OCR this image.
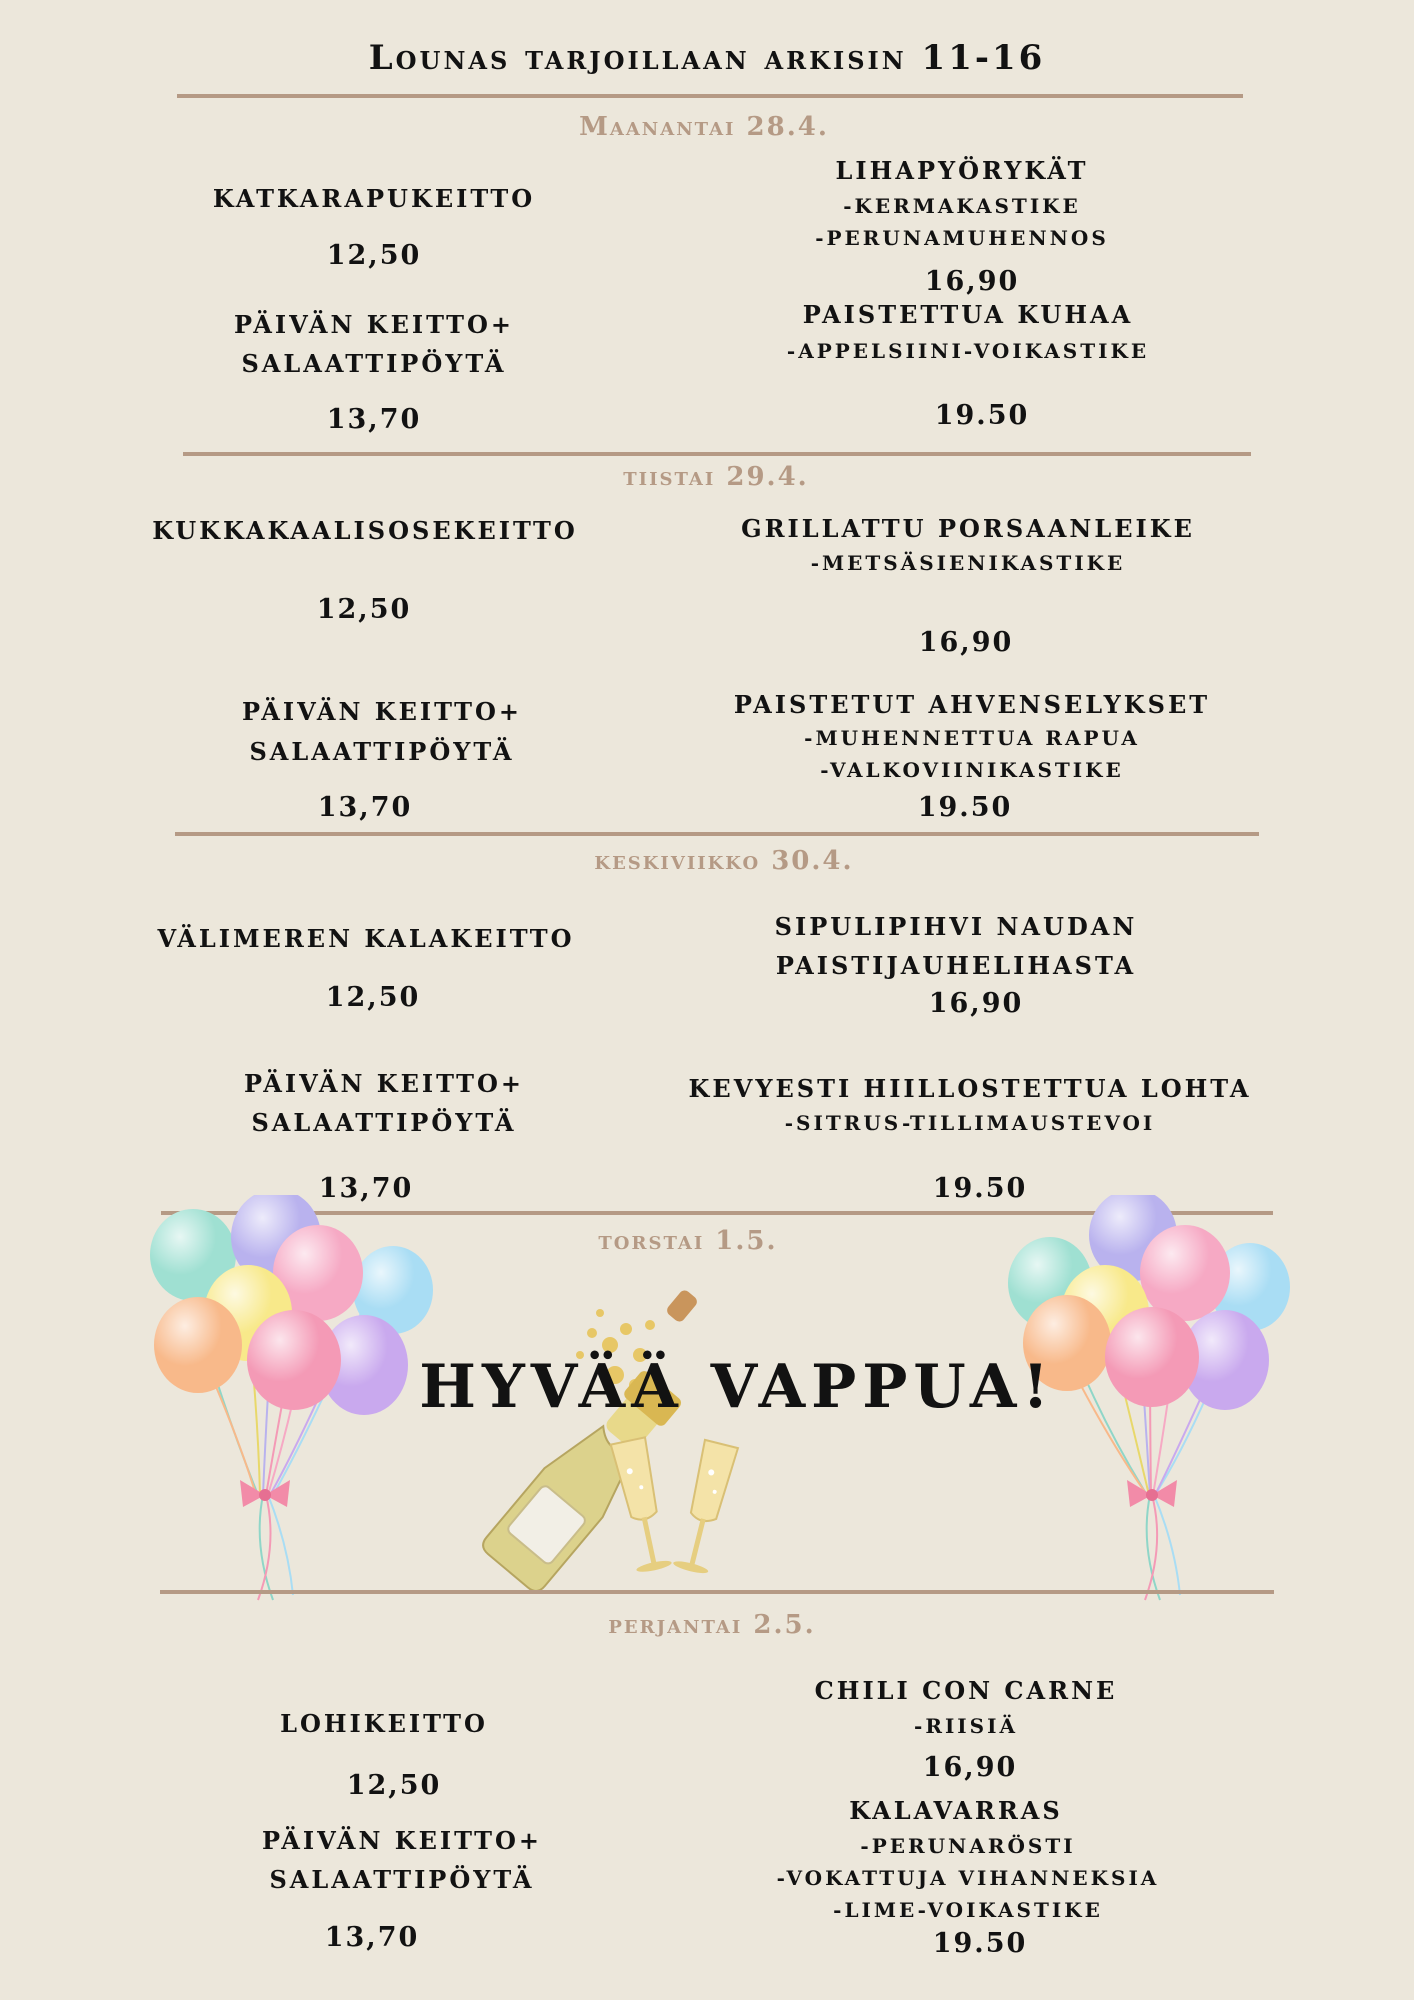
Lounas tarjoillaan arkisin 11-16
Maanantai 28.4.
KATKARAPUKEITTO
12,50
PÄIVÄN KEITTO+
SALAATTIPÖYTÄ
13,70
LIHAPYÖRYKÄT
-KERMAKASTIKE
-PERUNAMUHENNOS
16,90
PAISTETTUA KUHAA
-APPELSIINI-VOIKASTIKE
19.50
tiistai 29.4.
KUKKAKAALISOSEKEITTO
12,50
PÄIVÄN KEITTO+
SALAATTIPÖYTÄ
13,70
GRILLATTU PORSAANLEIKE
-METSÄSIENIKASTIKE
16,90
PAISTETUT AHVENSELYKSET
-MUHENNETTUA RAPUA
-VALKOVIINIKASTIKE
19.50
keskiviikko 30.4.
VÄLIMEREN KALAKEITTO
12,50
PÄIVÄN KEITTO+
SALAATTIPÖYTÄ
13,70
SIPULIPIHVI NAUDAN
PAISTIJAUHELIHASTA
16,90
KEVYESTI HIILLOSTETTUA LOHTA
-SITRUS-TILLIMAUSTEVOI
19.50
torstai 1.5.
HYVÄÄ VAPPUA!
perjantai 2.5.
LOHIKEITTO
12,50
PÄIVÄN KEITTO+
SALAATTIPÖYTÄ
13,70
CHILI CON CARNE
-RIISIÄ
16,90
KALAVARRAS
-PERUNARÖSTI
-VOKATTUJA VIHANNEKSIA
-LIME-VOIKASTIKE
19.50
